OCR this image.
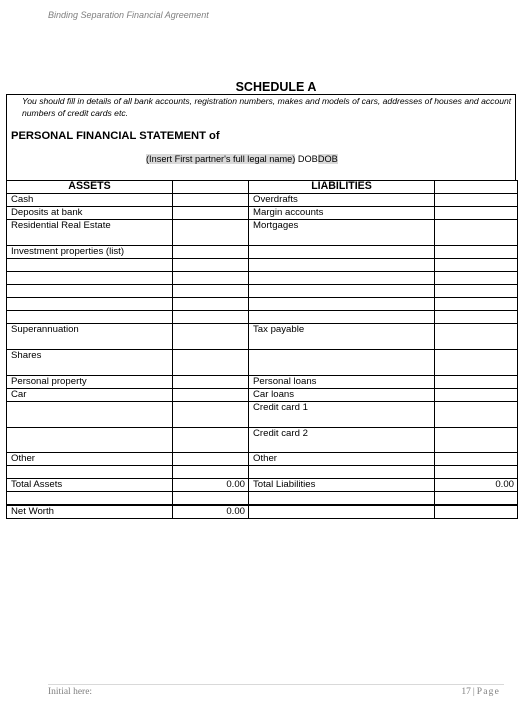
Binding Separation Financial Agreement
SCHEDULE A
You should fill in details of all bank accounts, registration numbers, makes and models of cars, addresses of houses and account numbers of credit cards etc.
PERSONAL FINANCIAL STATEMENT of
(Insert First partner's full legal name) DOBDOB
ASSETS		LIABILITIES	
Cash		Overdrafts	
Deposits at bank		Margin accounts	
Residential Real Estate		Mortgages	
Investment properties (list)			

Superannuation		Tax payable	
Shares			
Personal property		Personal loans	
Car		Car loans	
		Credit card 1	
		Credit card 2	
Other		Other	

Total Assets	0.00	Total Liabilities	0.00

Net Worth	0.00		
Initial here:	17 | Page
